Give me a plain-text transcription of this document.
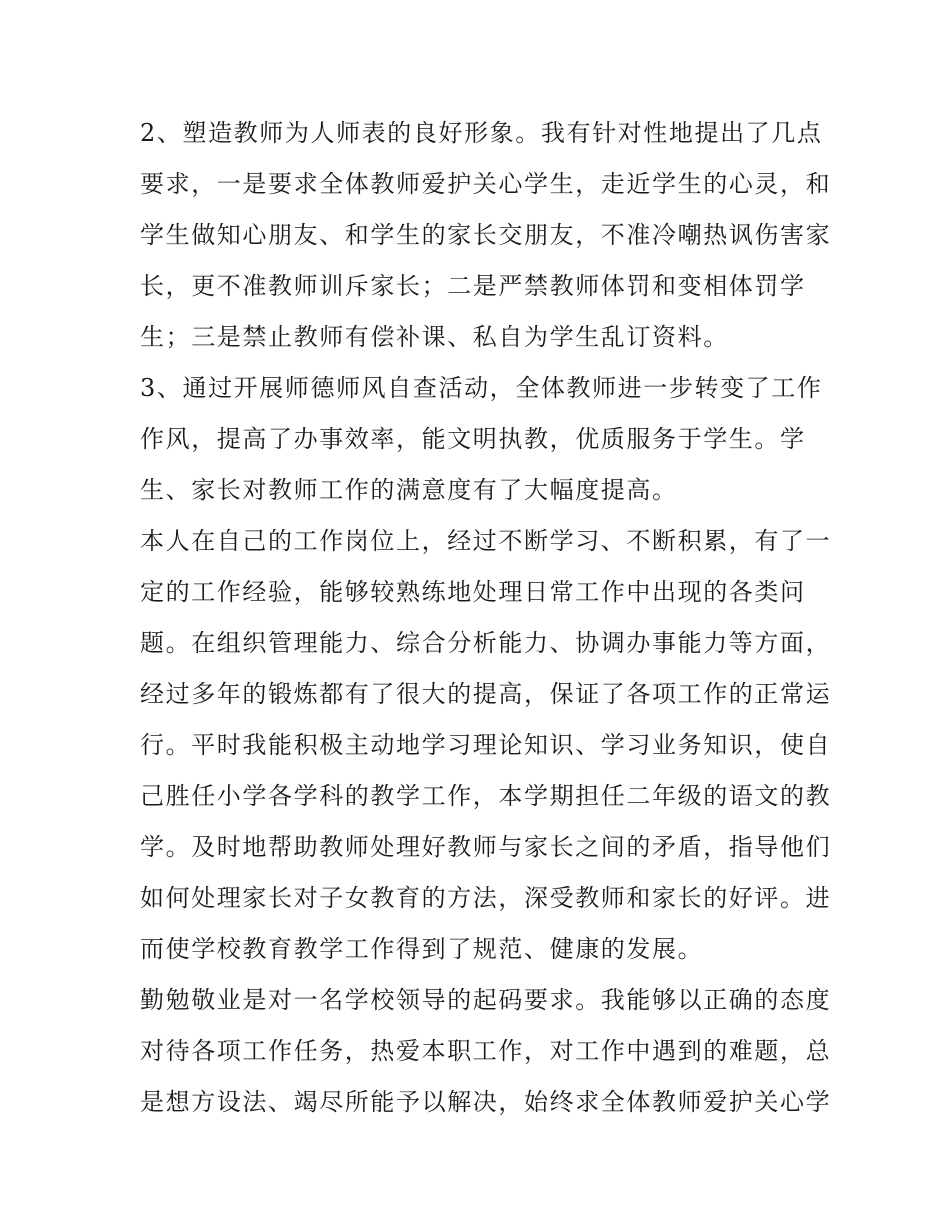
2、塑造教师为人师表的良好形象。我有针对性地提出了几点
要求，一是要求全体教师爱护关心学生，走近学生的心灵，和
学生做知心朋友、和学生的家长交朋友，不准冷嘲热讽伤害家
长，更不准教师训斥家长；二是严禁教师体罚和变相体罚学
生；三是禁止教师有偿补课、私自为学生乱订资料。
3、通过开展师德师风自查活动，全体教师进一步转变了工作
作风，提高了办事效率，能文明执教，优质服务于学生。学
生、家长对教师工作的满意度有了大幅度提高。
本人在自己的工作岗位上，经过不断学习、不断积累，有了一
定的工作经验，能够较熟练地处理日常工作中出现的各类问
题。在组织管理能力、综合分析能力、协调办事能力等方面，
经过多年的锻炼都有了很大的提高，保证了各项工作的正常运
行。平时我能积极主动地学习理论知识、学习业务知识，使自
己胜任小学各学科的教学工作，本学期担任二年级的语文的教
学。及时地帮助教师处理好教师与家长之间的矛盾，指导他们
如何处理家长对子女教育的方法，深受教师和家长的好评。进
而使学校教育教学工作得到了规范、健康的发展。
勤勉敬业是对一名学校领导的起码要求。我能够以正确的态度
对待各项工作任务，热爱本职工作，对工作中遇到的难题，总
是想方设法、竭尽所能予以解决，始终求全体教师爱护关心学
